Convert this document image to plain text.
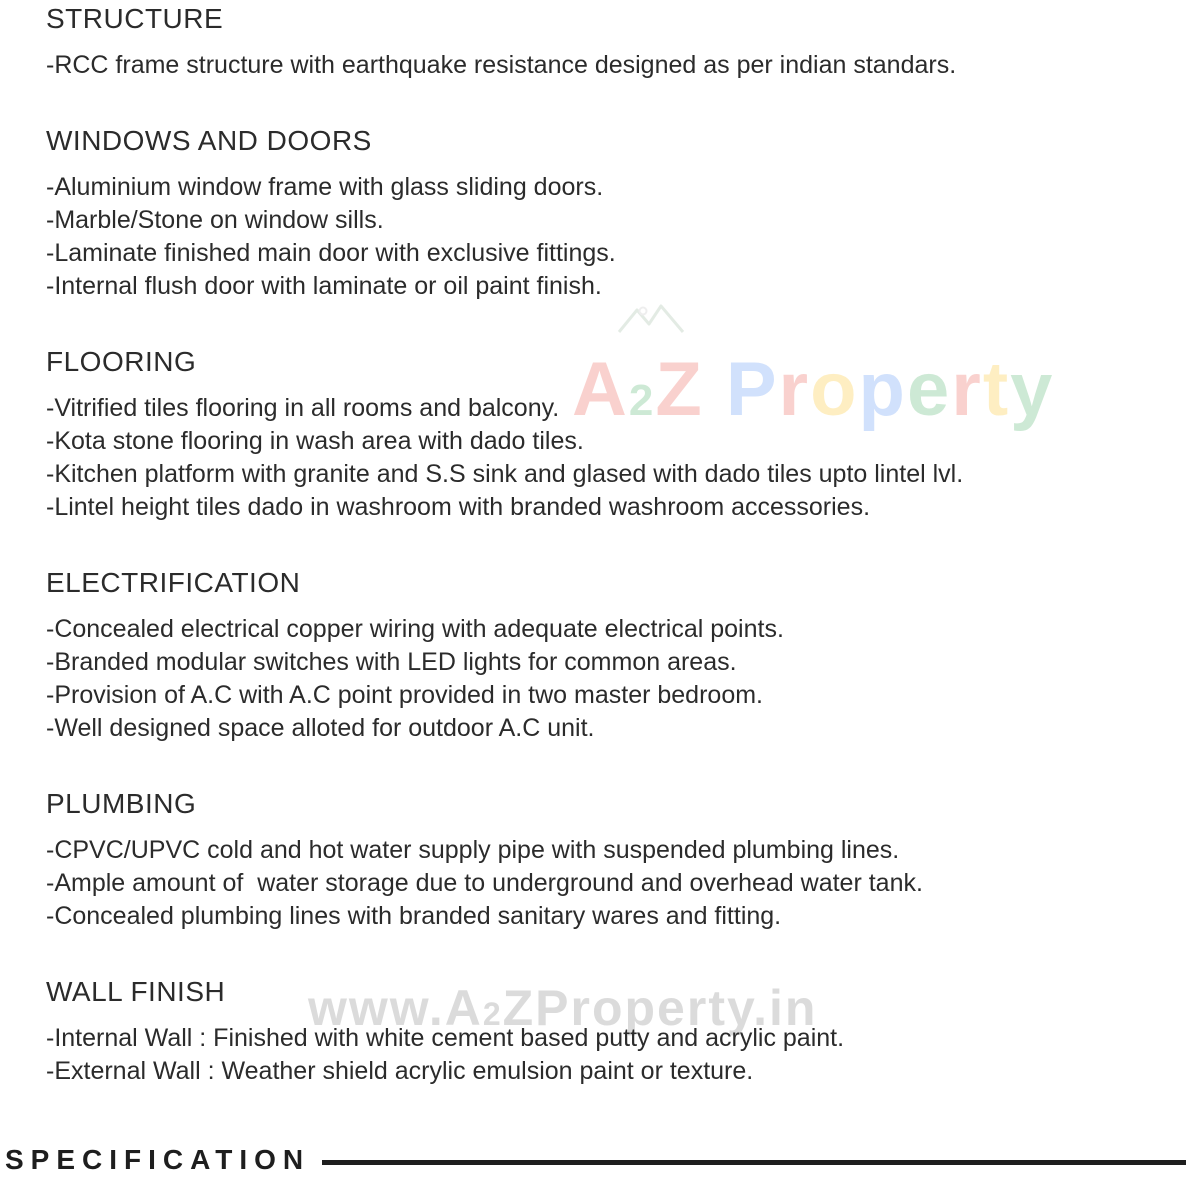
A
2Z Property
www.A2ZProperty.in
STRUCTURE

-RCC frame structure with earthquake resistance designed as per indian standars.

WINDOWS AND DOORS

-Aluminium window frame with glass sliding doors.

-Marble/Stone on window sills.

-Laminate finished main door with exclusive fittings.

-Internal flush door with laminate or oil paint finish.

FLOORING

-Vitrified tiles flooring in all rooms and balcony.

-Kota stone flooring in wash area with dado tiles.

-Kitchen platform with granite and S.S sink and glased with dado tiles upto lintel lvl.

-Lintel height tiles dado in washroom with branded washroom accessories.

ELECTRIFICATION

-Concealed electrical copper wiring with adequate electrical points.

-Branded modular switches with LED lights for common areas.

-Provision of A.C with A.C point provided in two master bedroom.

-Well designed space alloted for outdoor A.C unit.

PLUMBING

-CPVC/UPVC cold and hot water supply pipe with suspended plumbing lines.

-Ample amount of  water storage due to underground and overhead water tank.

-Concealed plumbing lines with branded sanitary wares and fitting.

WALL FINISH

-Internal Wall : Finished with white cement based putty and acrylic paint.

-External Wall : Weather shield acrylic emulsion paint or texture.

SPECIFICATION
